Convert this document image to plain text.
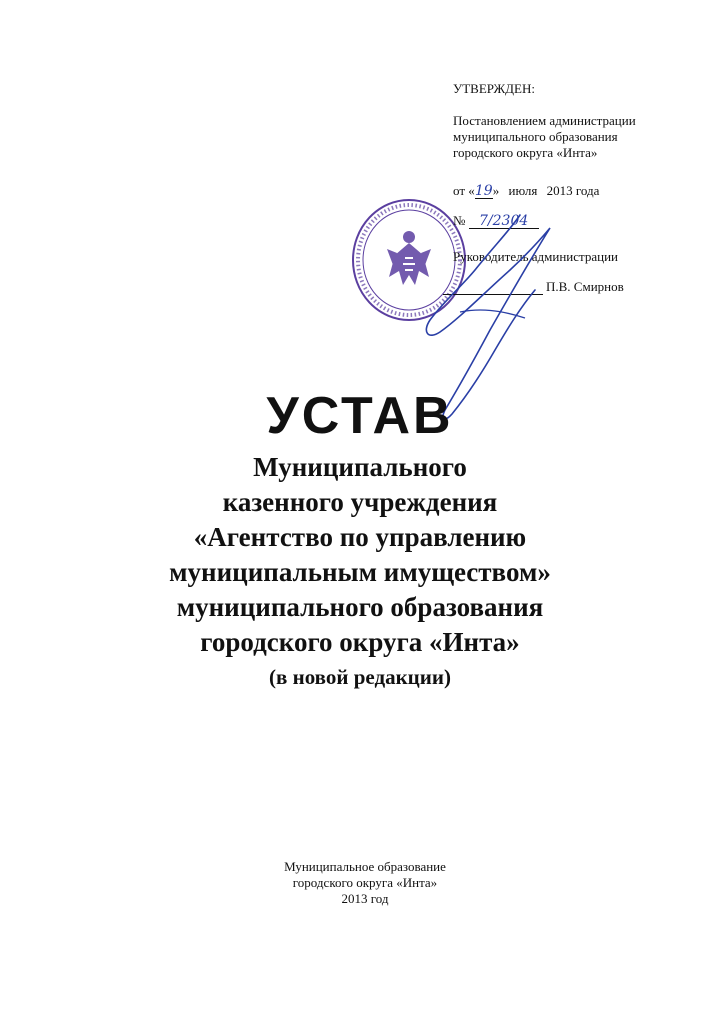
УТВЕРЖДЕН:
Постановлением администрации
муниципального образования
городского округа «Инта»
от «19» июля 2013 года
№ 7/2304
Руководитель администрации
П.В. Смирнов
УСТАВ
Муниципального
казенного учреждения
«Агентство по управлению
муниципальным имуществом»
муниципального образования
городского округа «Инта»
(в новой редакции)
Муниципальное образование
городского округа «Инта»
2013 год
